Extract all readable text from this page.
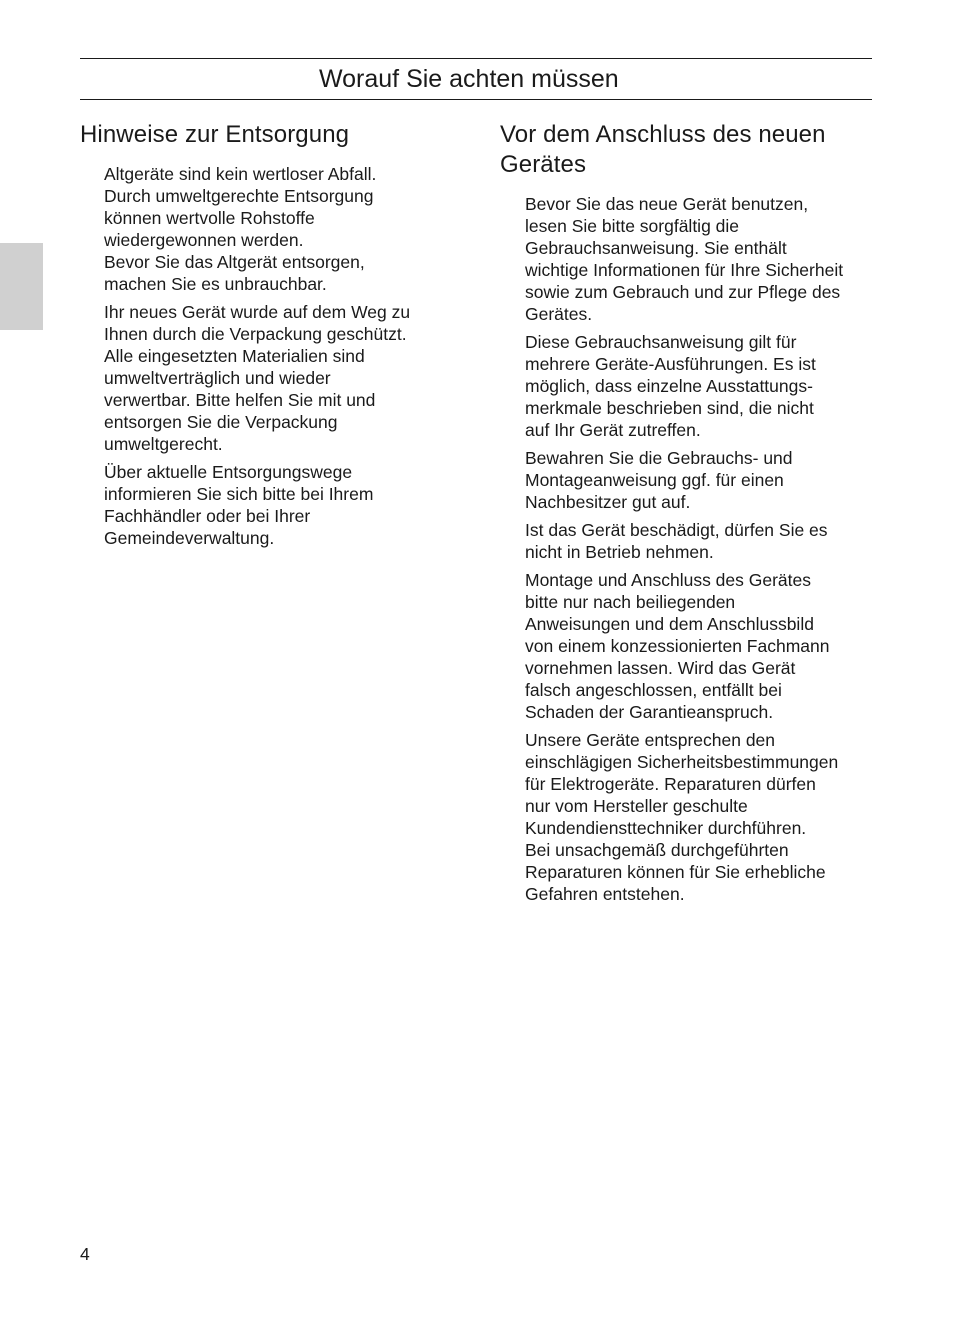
Worauf Sie achten müssen
Hinweise zur Entsorgung

Altgeräte sind kein wertloser Abfall.
Durch umweltgerechte Entsorgung
können wertvolle Rohstoffe
wiedergewonnen werden.
Bevor Sie das Altgerät entsorgen,
machen Sie es unbrauchbar.

Ihr neues Gerät wurde auf dem Weg zu
Ihnen durch die Verpackung geschützt.
Alle eingesetzten Materialien sind
umweltverträglich und wieder
verwertbar. Bitte helfen Sie mit und
entsorgen Sie die Verpackung
umweltgerecht.

Über aktuelle Entsorgungswege
informieren Sie sich bitte bei Ihrem
Fachhändler oder bei Ihrer
Gemeindeverwaltung.

Vor dem Anschluss des neuen
Gerätes

Bevor Sie das neue Gerät benutzen,
lesen Sie bitte sorgfältig die
Gebrauchsanweisung. Sie enthält
wichtige Informationen für Ihre Sicherheit
sowie zum Gebrauch und zur Pflege des
Gerätes.

Diese Gebrauchsanweisung gilt für
mehrere Geräte-Ausführungen. Es ist
möglich, dass einzelne Ausstattungs-
merkmale beschrieben sind, die nicht
auf Ihr Gerät zutreffen.

Bewahren Sie die Gebrauchs- und
Montageanweisung ggf. für einen
Nachbesitzer gut auf.

Ist das Gerät beschädigt, dürfen Sie es
nicht in Betrieb nehmen.

Montage und Anschluss des Gerätes
bitte nur nach beiliegenden
Anweisungen und dem Anschlussbild
von einem konzessionierten Fachmann
vornehmen lassen. Wird das Gerät
falsch angeschlossen, entfällt bei
Schaden der Garantieanspruch.

Unsere Geräte entsprechen den
einschlägigen Sicherheitsbestimmungen
für Elektrogeräte. Reparaturen dürfen
nur vom Hersteller geschulte
Kundendiensttechniker durchführen.
Bei unsachgemäß durchgeführten
Reparaturen können für Sie erhebliche
Gefahren entstehen.

4
